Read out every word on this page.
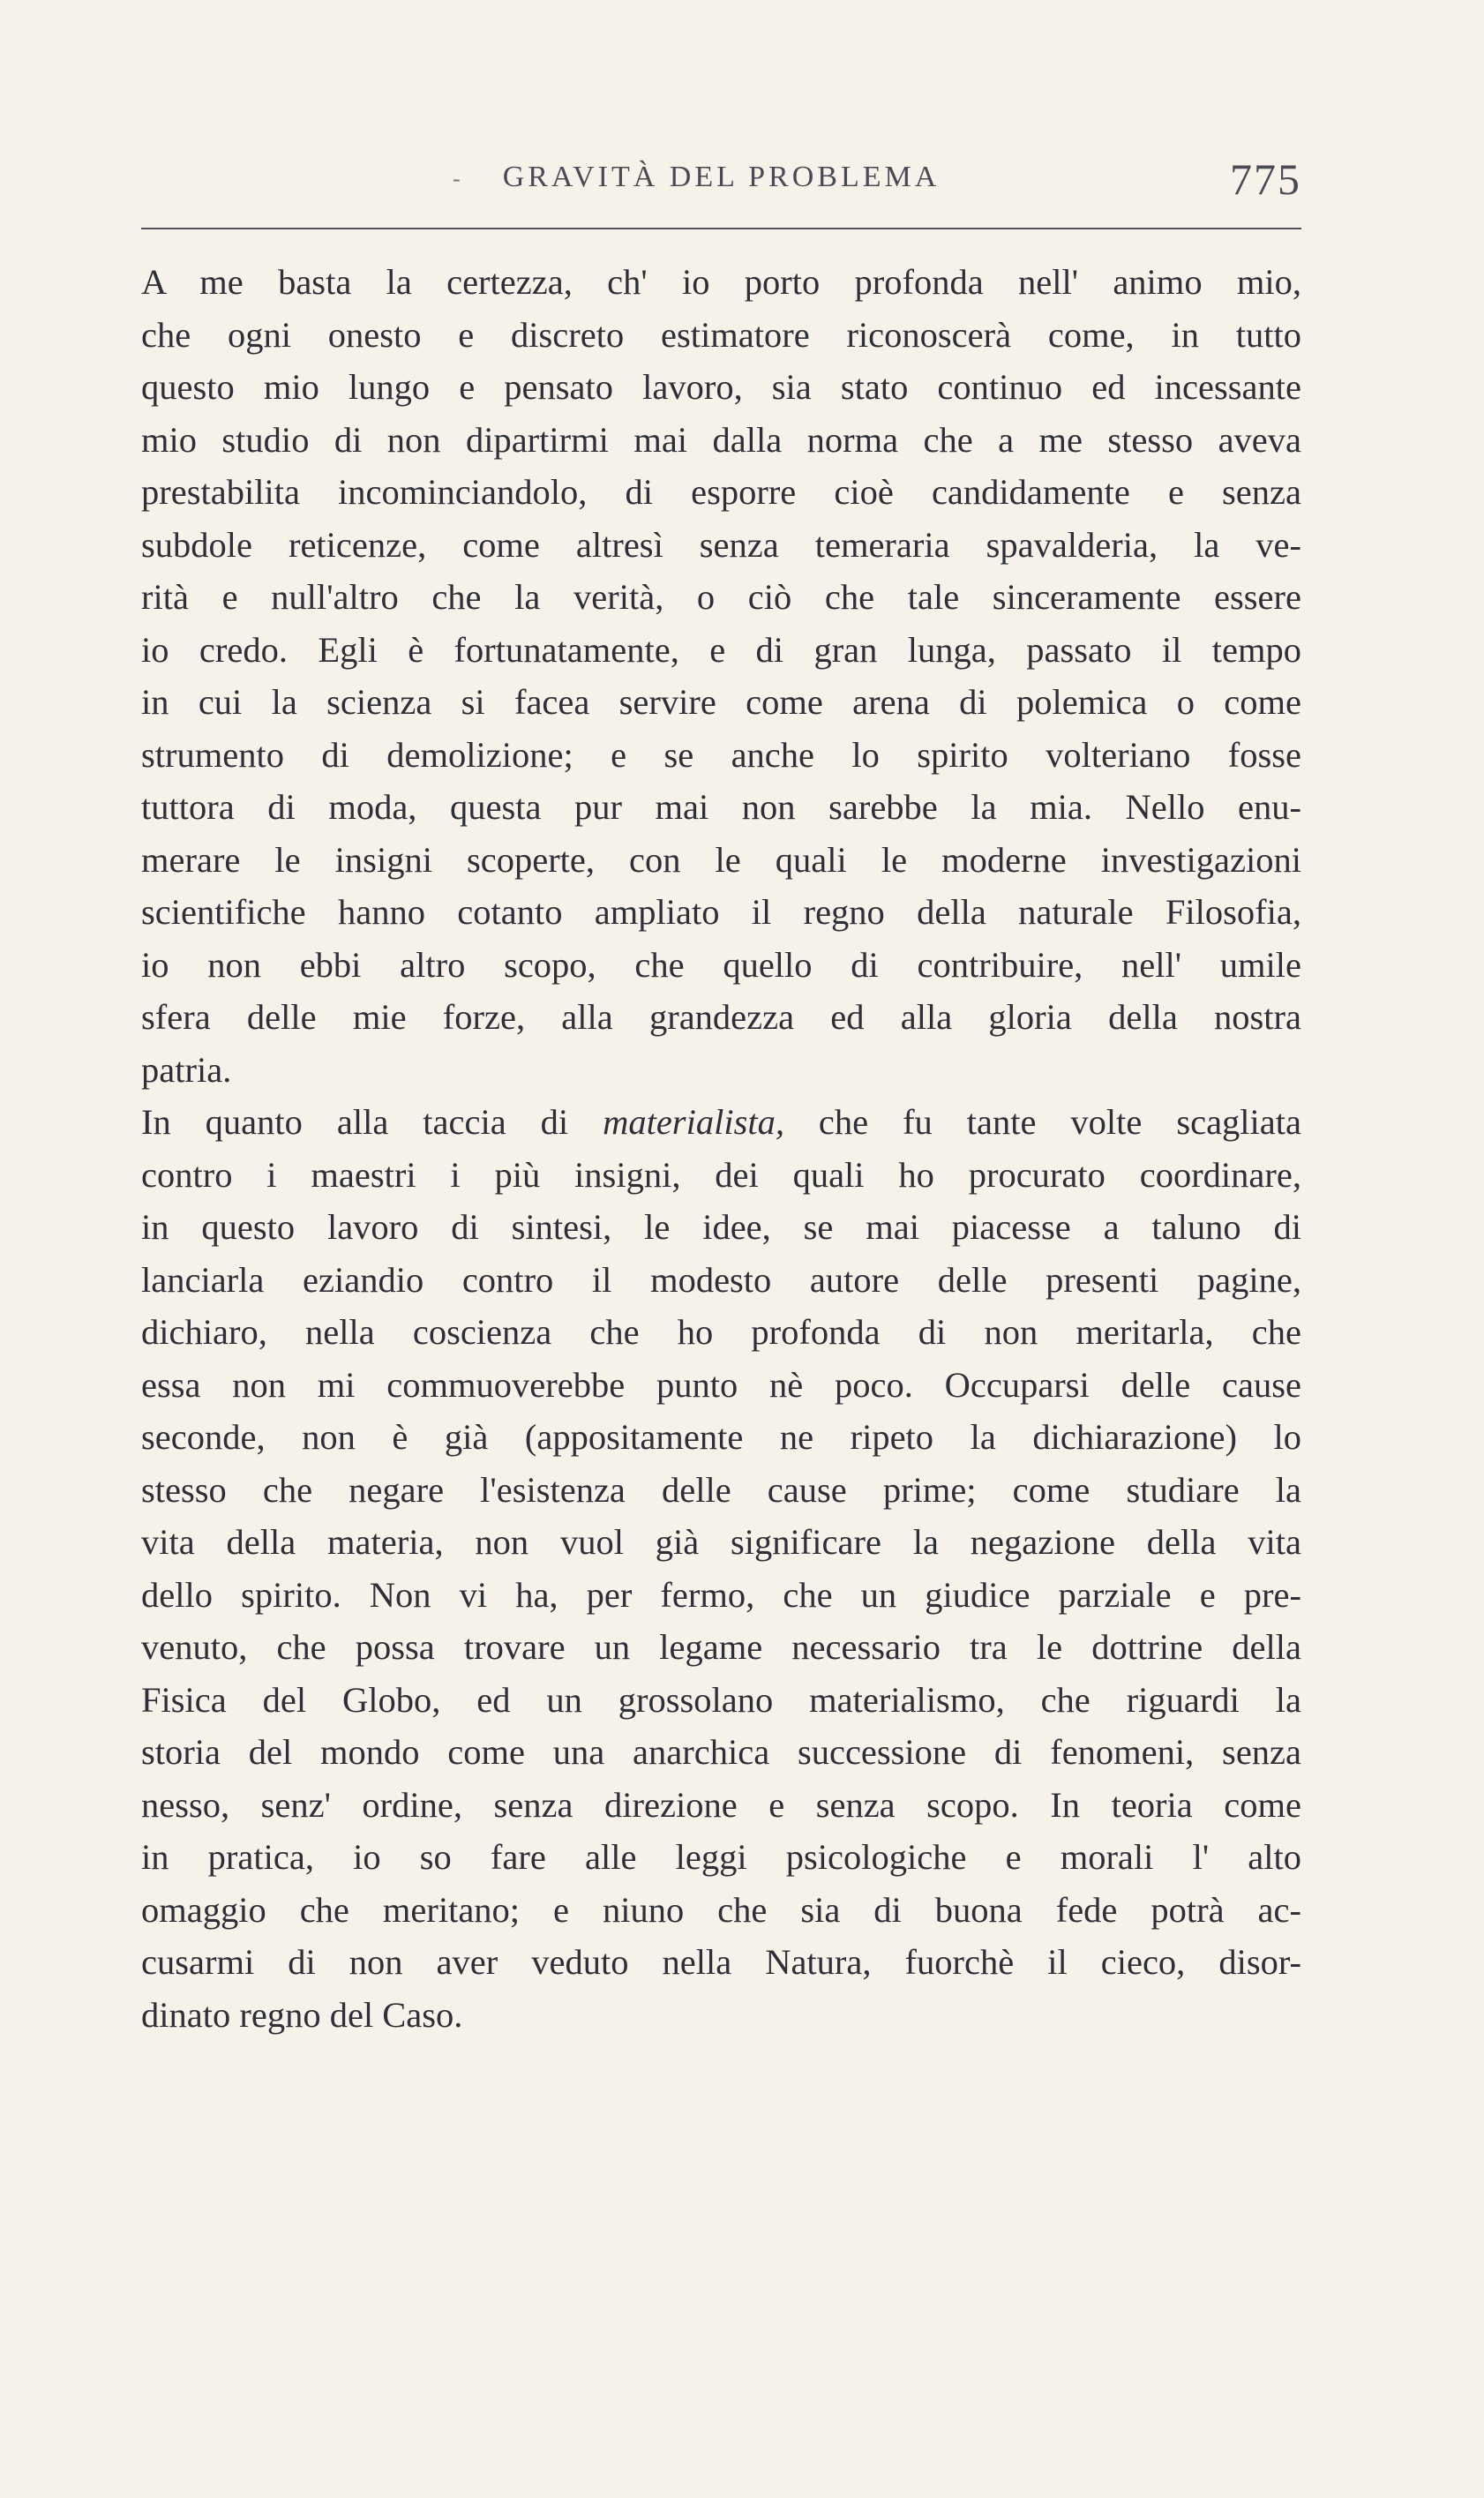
-	GRAVITÀ DEL PROBLEMA	775
A me basta la certezza, ch' io porto profonda nell' animo mio,
che ogni onesto e discreto estimatore riconoscerà come, in tutto
questo mio lungo e pensato lavoro, sia stato continuo ed incessante
mio studio di non dipartirmi mai dalla norma che a me stesso aveva
prestabilita incominciandolo, di esporre cioè candidamente e senza
subdole reticenze, come altresì senza temeraria spavalderia, la ve-
rità e null'altro che la verità, o ciò che tale sinceramente essere
io credo. Egli è fortunatamente, e di gran lunga, passato il tempo
in cui la scienza si facea servire come arena di polemica o come
strumento di demolizione; e se anche lo spirito volteriano fosse
tuttora di moda, questa pur mai non sarebbe la mia. Nello enu-
merare le insigni scoperte, con le quali le moderne investigazioni
scientifiche hanno cotanto ampliato il regno della naturale Filosofia,
io non ebbi altro scopo, che quello di contribuire, nell' umile
sfera delle mie forze, alla grandezza ed alla gloria della nostra
patria.
In quanto alla taccia di materialista, che fu tante volte scagliata
contro i maestri i più insigni, dei quali ho procurato coordinare,
in questo lavoro di sintesi, le idee, se mai piacesse a taluno di
lanciarla eziandio contro il modesto autore delle presenti pagine,
dichiaro, nella coscienza che ho profonda di non meritarla, che
essa non mi commuoverebbe punto nè poco. Occuparsi delle cause
seconde, non è già (appositamente ne ripeto la dichiarazione) lo
stesso che negare l'esistenza delle cause prime; come studiare la
vita della materia, non vuol già significare la negazione della vita
dello spirito. Non vi ha, per fermo, che un giudice parziale e pre-
venuto, che possa trovare un legame necessario tra le dottrine della
Fisica del Globo, ed un grossolano materialismo, che riguardi la
storia del mondo come una anarchica successione di fenomeni, senza
nesso, senz' ordine, senza direzione e senza scopo. In teoria come
in pratica, io so fare alle leggi psicologiche e morali l' alto
omaggio che meritano; e niuno che sia di buona fede potrà ac-
cusarmi di non aver veduto nella Natura, fuorchè il cieco, disor-
dinato regno del Caso.
